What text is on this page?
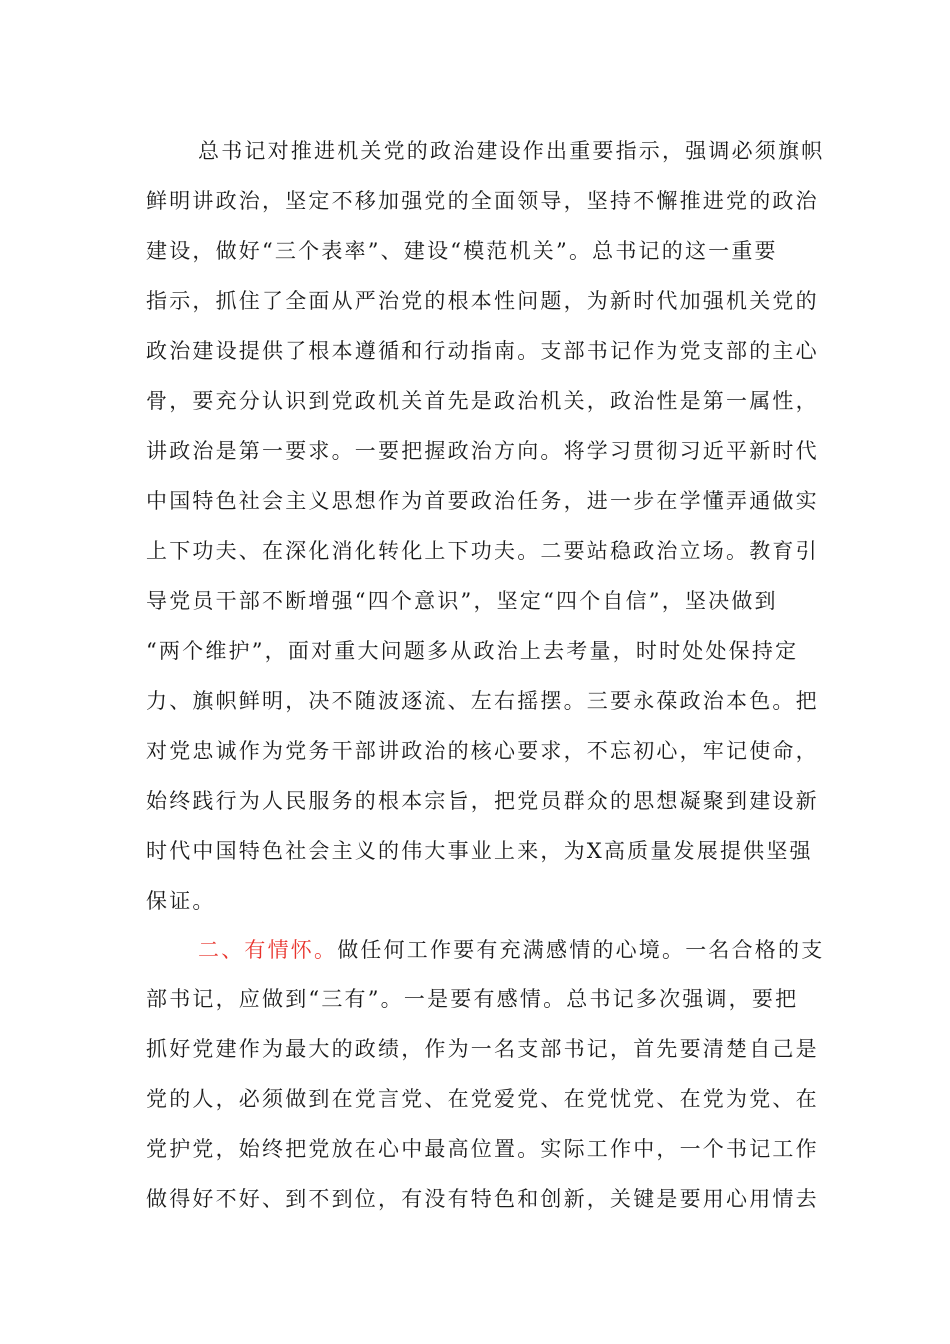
总书记对推进机关党的政治建设作出重要指示，强调必须旗帜
鲜明讲政治，坚定不移加强党的全面领导，坚持不懈推进党的政治
建设，做好“三个表率”、建设“模范机关”。总书记的这一重要
指示，抓住了全面从严治党的根本性问题，为新时代加强机关党的
政治建设提供了根本遵循和行动指南。支部书记作为党支部的主心
骨，要充分认识到党政机关首先是政治机关，政治性是第一属性，
讲政治是第一要求。一要把握政治方向。将学习贯彻习近平新时代
中国特色社会主义思想作为首要政治任务，进一步在学懂弄通做实
上下功夫、在深化消化转化上下功夫。二要站稳政治立场。教育引
导党员干部不断增强“四个意识”，坚定“四个自信”，坚决做到
“两个维护”，面对重大问题多从政治上去考量，时时处处保持定
力、旗帜鲜明，决不随波逐流、左右摇摆。三要永葆政治本色。把
对党忠诚作为党务干部讲政治的核心要求，不忘初心，牢记使命，
始终践行为人民服务的根本宗旨，把党员群众的思想凝聚到建设新
时代中国特色社会主义的伟大事业上来，为X高质量发展提供坚强
保证。
二、有情怀。做任何工作要有充满感情的心境。一名合格的支
部书记，应做到“三有”。一是要有感情。总书记多次强调，要把
抓好党建作为最大的政绩，作为一名支部书记，首先要清楚自己是
党的人，必须做到在党言党、在党爱党、在党忧党、在党为党、在
党护党，始终把党放在心中最高位置。实际工作中，一个书记工作
做得好不好、到不到位，有没有特色和创新，关键是要用心用情去
